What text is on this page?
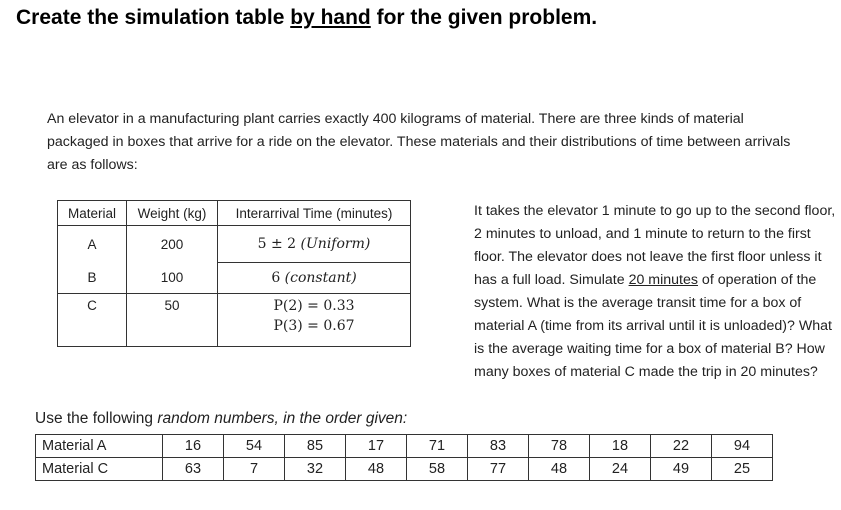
Create the simulation table by hand for the given problem.
An elevator in a manufacturing plant carries exactly 400 kilograms of material. There are three kinds of material packaged in boxes that arrive for a ride on the elevator. These materials and their distributions of time between arrivals are as follows:
Material	Weight (kg)	Interarrival Time (minutes)
A	200	5 ± 2 (Uniform)
B	100	6 (constant)
C	50	P(2) = 0.33
P(3) = 0.67
It takes the elevator 1 minute to go up to the second floor, 2 minutes to unload, and 1 minute to return to the first floor. The elevator does not leave the first floor unless it has a full load. Simulate 20 minutes of operation of the system. What is the average transit time for a box of material A (time from its arrival until it is unloaded)? What is the average waiting time for a box of material B? How many boxes of material C made the trip in 20 minutes?
Use the following random numbers, in the order given:
Material A	16	54	85	17	71	83	78	18	22	94
Material C	63	7	32	48	58	77	48	24	49	25
